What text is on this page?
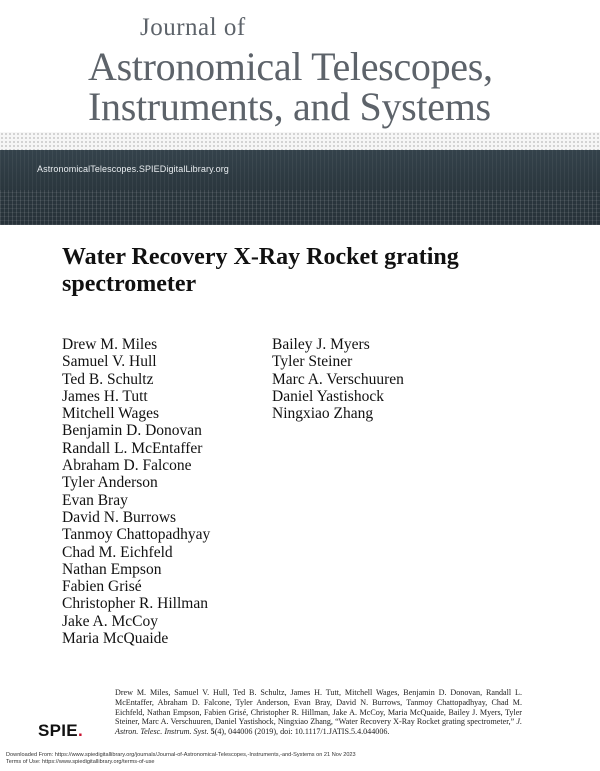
Journal of
Astronomical Telescopes,
Instruments, and Systems
AstronomicalTelescopes.SPIEDigitalLibrary.org
Water Recovery X-Ray Rocket grating spectrometer
Drew M. Miles
Samuel V. Hull
Ted B. Schultz
James H. Tutt
Mitchell Wages
Benjamin D. Donovan
Randall L. McEntaffer
Abraham D. Falcone
Tyler Anderson
Evan Bray
David N. Burrows
Tanmoy Chattopadhyay
Chad M. Eichfeld
Nathan Empson
Fabien Grisé
Christopher R. Hillman
Jake A. McCoy
Maria McQuaide
Bailey J. Myers
Tyler Steiner
Marc A. Verschuuren
Daniel Yastishock
Ningxiao Zhang
Drew M. Miles, Samuel V. Hull, Ted B. Schultz, James H. Tutt, Mitchell Wages, Benjamin D. Donovan, Randall L. McEntaffer, Abraham D. Falcone, Tyler Anderson, Evan Bray, David N. Burrows, Tanmoy Chattopadhyay, Chad M. Eichfeld, Nathan Empson, Fabien Grisé, Christopher R. Hillman, Jake A. McCoy, Maria McQuaide, Bailey J. Myers, Tyler Steiner, Marc A. Verschuuren, Daniel Yastishock, Ningxiao Zhang, “Water Recovery X-Ray Rocket grating spectrometer,” J. Astron. Telesc. Instrum. Syst. 5(4), 044006 (2019), doi: 10.1117/1.JATIS.5.4.044006.
SPIE.
Downloaded From: https://www.spiedigitallibrary.org/journals/Journal-of-Astronomical-Telescopes,-Instruments,-and-Systems on 21 Nov 2023
Terms of Use: https://www.spiedigitallibrary.org/terms-of-use
